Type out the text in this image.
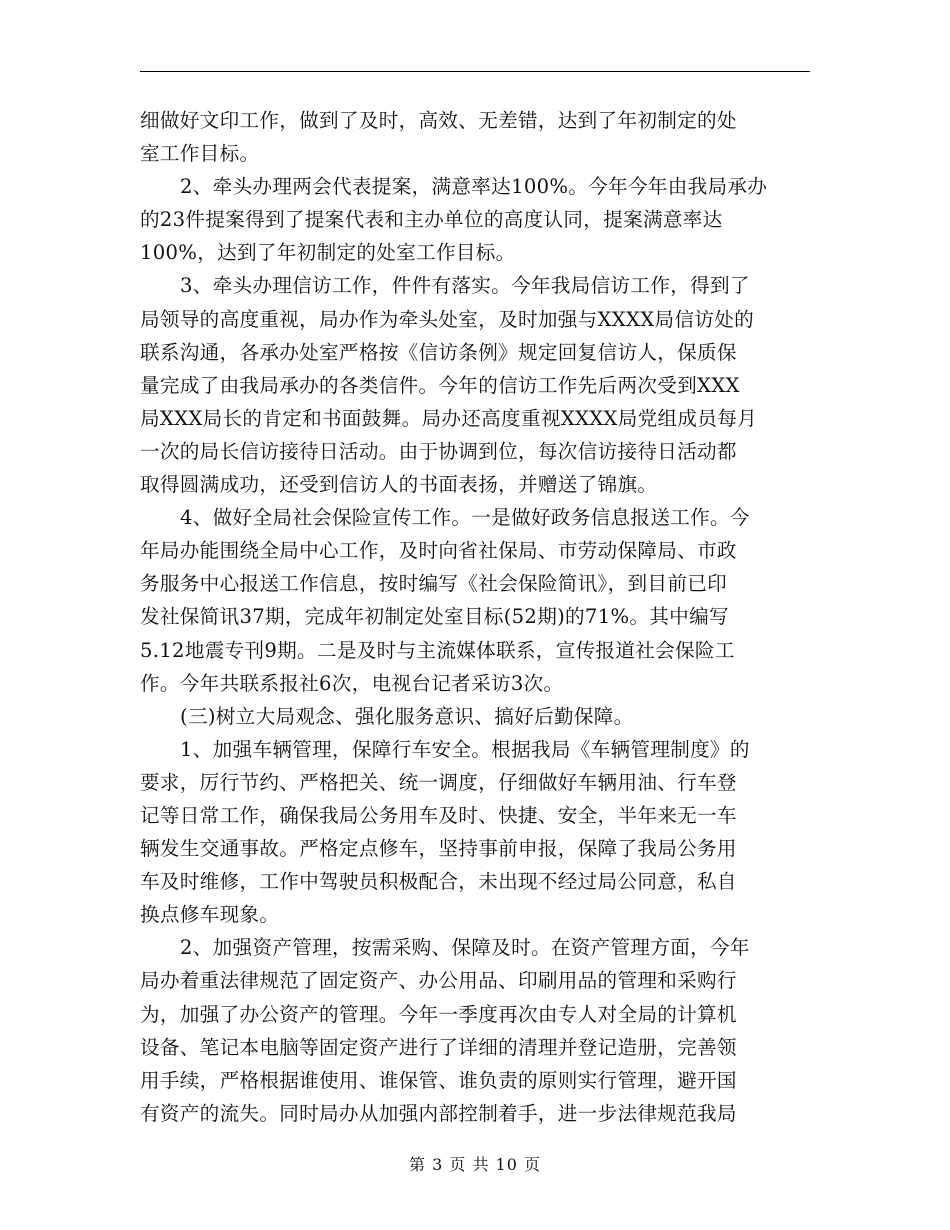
细做好文印工作，做到了及时，高效、无差错，达到了年初制定的处
室工作目标。
2、牵头办理两会代表提案，满意率达100%。今年今年由我局承办
的23件提案得到了提案代表和主办单位的高度认同，提案满意率达
100%，达到了年初制定的处室工作目标。
3、牵头办理信访工作，件件有落实。今年我局信访工作，得到了
局领导的高度重视，局办作为牵头处室，及时加强与XXXX局信访处的
联系沟通，各承办处室严格按《信访条例》规定回复信访人，保质保
量完成了由我局承办的各类信件。今年的信访工作先后两次受到XXX
局XXX局长的肯定和书面鼓舞。局办还高度重视XXXX局党组成员每月
一次的局长信访接待日活动。由于协调到位，每次信访接待日活动都
取得圆满成功，还受到信访人的书面表扬，并赠送了锦旗。
4、做好全局社会保险宣传工作。一是做好政务信息报送工作。今
年局办能围绕全局中心工作，及时向省社保局、市劳动保障局、市政
务服务中心报送工作信息，按时编写《社会保险简讯》，到目前已印
发社保简讯37期，完成年初制定处室目标(52期)的71%。其中编写
5.12地震专刊9期。二是及时与主流媒体联系，宣传报道社会保险工
作。今年共联系报社6次，电视台记者采访3次。
(三)树立大局观念、强化服务意识、搞好后勤保障。
1、加强车辆管理，保障行车安全。根据我局《车辆管理制度》的
要求，厉行节约、严格把关、统一调度，仔细做好车辆用油、行车登
记等日常工作，确保我局公务用车及时、快捷、安全，半年来无一车
辆发生交通事故。严格定点修车，坚持事前申报，保障了我局公务用
车及时维修，工作中驾驶员积极配合，未出现不经过局公同意，私自
换点修车现象。
2、加强资产管理，按需采购、保障及时。在资产管理方面，今年
局办着重法律规范了固定资产、办公用品、印刷用品的管理和采购行
为，加强了办公资产的管理。今年一季度再次由专人对全局的计算机
设备、笔记本电脑等固定资产进行了详细的清理并登记造册，完善领
用手续，严格根据谁使用、谁保管、谁负责的原则实行管理，避开国
有资产的流失。同时局办从加强内部控制着手，进一步法律规范我局
第 3 页 共 10 页
